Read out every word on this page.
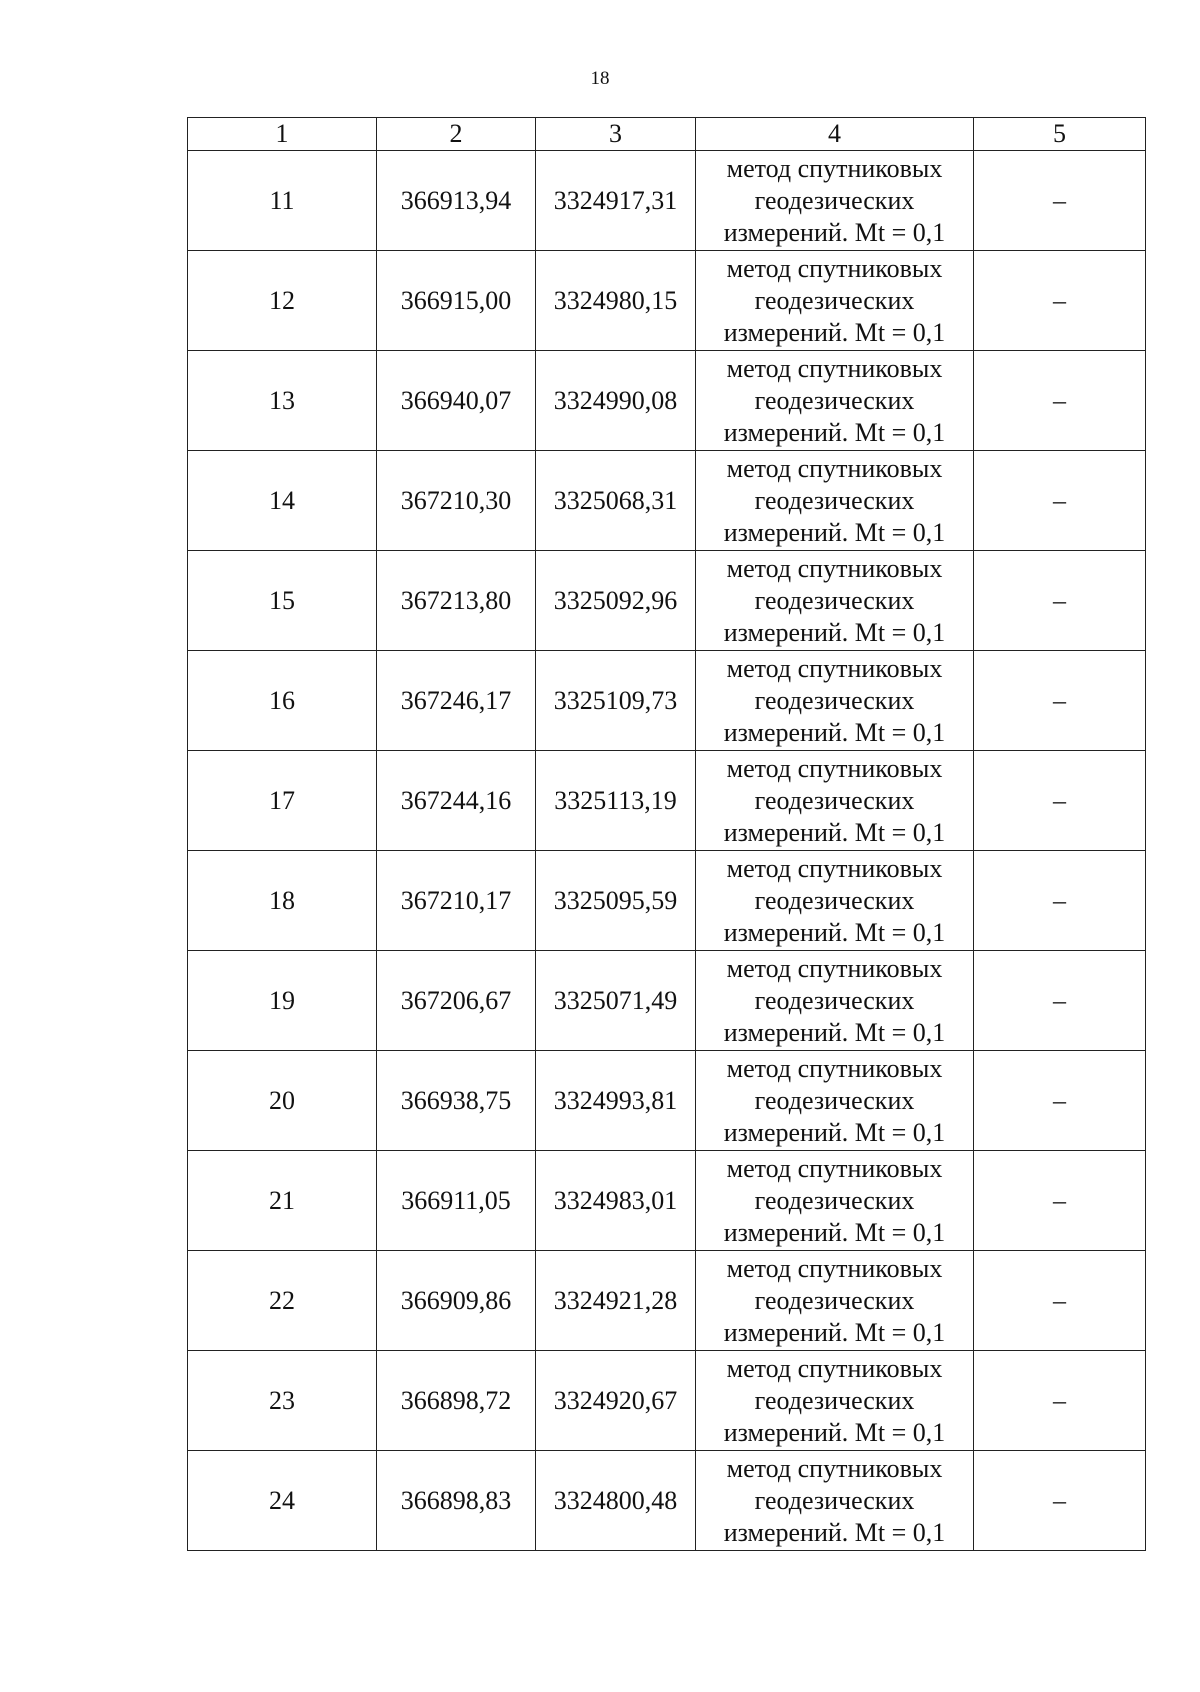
18
1	2	3	4	5
11	366913,94	3324917,31	метод спутниковых
геодезических
измерений. Mt = 0,1	–
12	366915,00	3324980,15	метод спутниковых
геодезических
измерений. Mt = 0,1	–
13	366940,07	3324990,08	метод спутниковых
геодезических
измерений. Mt = 0,1	–
14	367210,30	3325068,31	метод спутниковых
геодезических
измерений. Mt = 0,1	–
15	367213,80	3325092,96	метод спутниковых
геодезических
измерений. Mt = 0,1	–
16	367246,17	3325109,73	метод спутниковых
геодезических
измерений. Mt = 0,1	–
17	367244,16	3325113,19	метод спутниковых
геодезических
измерений. Mt = 0,1	–
18	367210,17	3325095,59	метод спутниковых
геодезических
измерений. Mt = 0,1	–
19	367206,67	3325071,49	метод спутниковых
геодезических
измерений. Mt = 0,1	–
20	366938,75	3324993,81	метод спутниковых
геодезических
измерений. Mt = 0,1	–
21	366911,05	3324983,01	метод спутниковых
геодезических
измерений. Mt = 0,1	–
22	366909,86	3324921,28	метод спутниковых
геодезических
измерений. Mt = 0,1	–
23	366898,72	3324920,67	метод спутниковых
геодезических
измерений. Mt = 0,1	–
24	366898,83	3324800,48	метод спутниковых
геодезических
измерений. Mt = 0,1	–
